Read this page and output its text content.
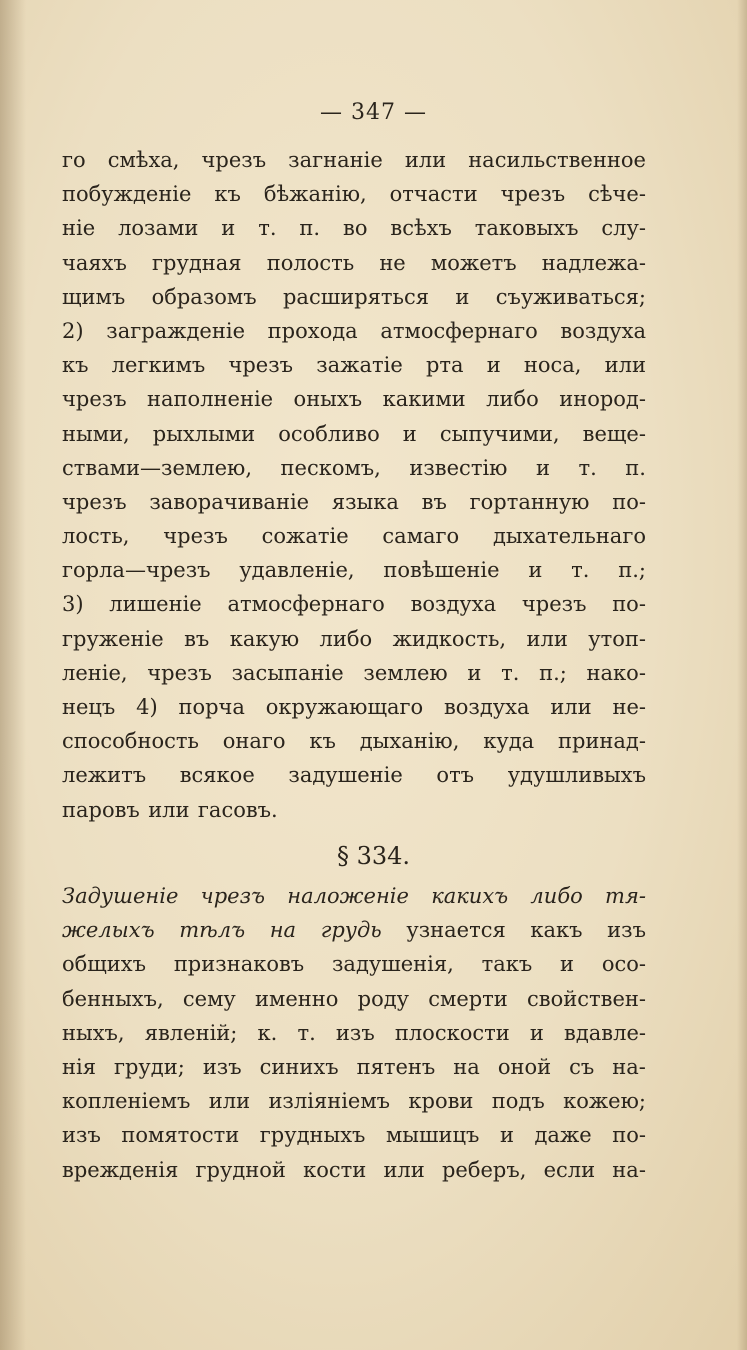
— 347 —
го смѣха, чрезъ загнаніе или насильственное
побужденіе къ бѣжанію, отчасти чрезъ сѣче-
ніе лозами и т. п. во всѣхъ таковыхъ слу-
чаяхъ грудная полость не можетъ надлежа-
щимъ образомъ расширяться и съуживаться;
2) загражденіе прохода атмосфернаго воздуха
къ легкимъ чрезъ зажатіе рта и носа, или
чрезъ наполненіе оныхъ какими либо инород-
ными, рыхлыми особливо и сыпучими, веще-
ствами—землею, пескомъ, известію и т. п.
чрезъ заворачиваніе языка въ гортанную по-
лость, чрезъ сожатіе самаго дыхательнаго
горла—чрезъ удавленіе, повѣшеніе и т. п.;
3) лишеніе атмосфернаго воздуха чрезъ по-
груженіе въ какую либо жидкость, или утоп-
леніе, чрезъ засыпаніе землею и т. п.; нако-
нецъ 4) порча окружающаго воздуха или не-
способность онаго къ дыханію, куда принад-
лежитъ всякое задушеніе отъ удушливыхъ
паровъ или гасовъ.
§ 334.
Задушеніе чрезъ наложеніе какихъ либо тя-
желыхъ тѣлъ на грудь узнается какъ изъ
общихъ признаковъ задушенія, такъ и осо-
бенныхъ, сему именно роду смерти свойствен-
ныхъ, явленій; к. т. изъ плоскости и вдавле-
нія груди; изъ синихъ пятенъ на оной съ на-
копленіемъ или изліяніемъ крови подъ кожею;
изъ помятости грудныхъ мышицъ и даже по-
врежденія грудной кости или реберъ, если на-
